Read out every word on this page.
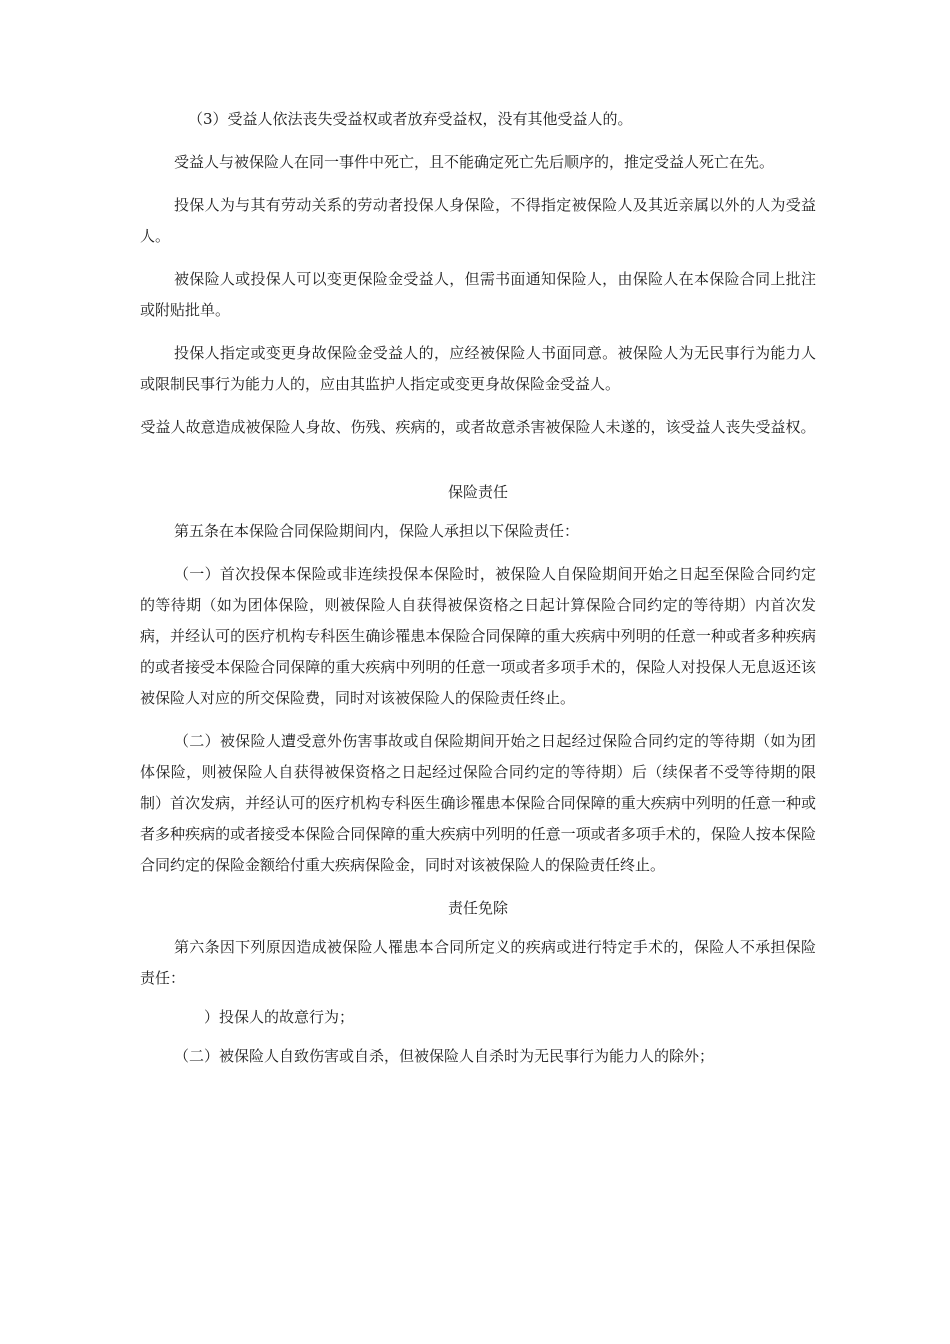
（3）受益人依法丧失受益权或者放弃受益权，没有其他受益人的。

受益人与被保险人在同一事件中死亡，且不能确定死亡先后顺序的，推定受益人死亡在先。

投保人为与其有劳动关系的劳动者投保人身保险，不得指定被保险人及其近亲属以外的人为受益人。

被保险人或投保人可以变更保险金受益人，但需书面通知保险人，由保险人在本保险合同上批注或附贴批单。

投保人指定或变更身故保险金受益人的，应经被保险人书面同意。被保险人为无民事行为能力人或限制民事行为能力人的，应由其监护人指定或变更身故保险金受益人。

受益人故意造成被保险人身故、伤残、疾病的，或者故意杀害被保险人未遂的，该受益人丧失受益权。

保险责任

第五条在本保险合同保险期间内，保险人承担以下保险责任：

（一）首次投保本保险或非连续投保本保险时，被保险人自保险期间开始之日起至保险合同约定的等待期（如为团体保险，则被保险人自获得被保资格之日起计算保险合同约定的等待期）内首次发病，并经认可的医疗机构专科医生确诊罹患本保险合同保障的重大疾病中列明的任意一种或者多种疾病的或者接受本保险合同保障的重大疾病中列明的任意一项或者多项手术的，保险人对投保人无息返还该被保险人对应的所交保险费，同时对该被保险人的保险责任终止。

（二）被保险人遭受意外伤害事故或自保险期间开始之日起经过保险合同约定的等待期（如为团体保险，则被保险人自获得被保资格之日起经过保险合同约定的等待期）后（续保者不受等待期的限制）首次发病，并经认可的医疗机构专科医生确诊罹患本保险合同保障的重大疾病中列明的任意一种或者多种疾病的或者接受本保险合同保障的重大疾病中列明的任意一项或者多项手术的，保险人按本保险合同约定的保险金额给付重大疾病保险金，同时对该被保险人的保险责任终止。

责任免除

第六条因下列原因造成被保险人罹患本合同所定义的疾病或进行特定手术的，保险人不承担保险责任：

）投保人的故意行为；

（二）被保险人自致伤害或自杀，但被保险人自杀时为无民事行为能力人的除外；
